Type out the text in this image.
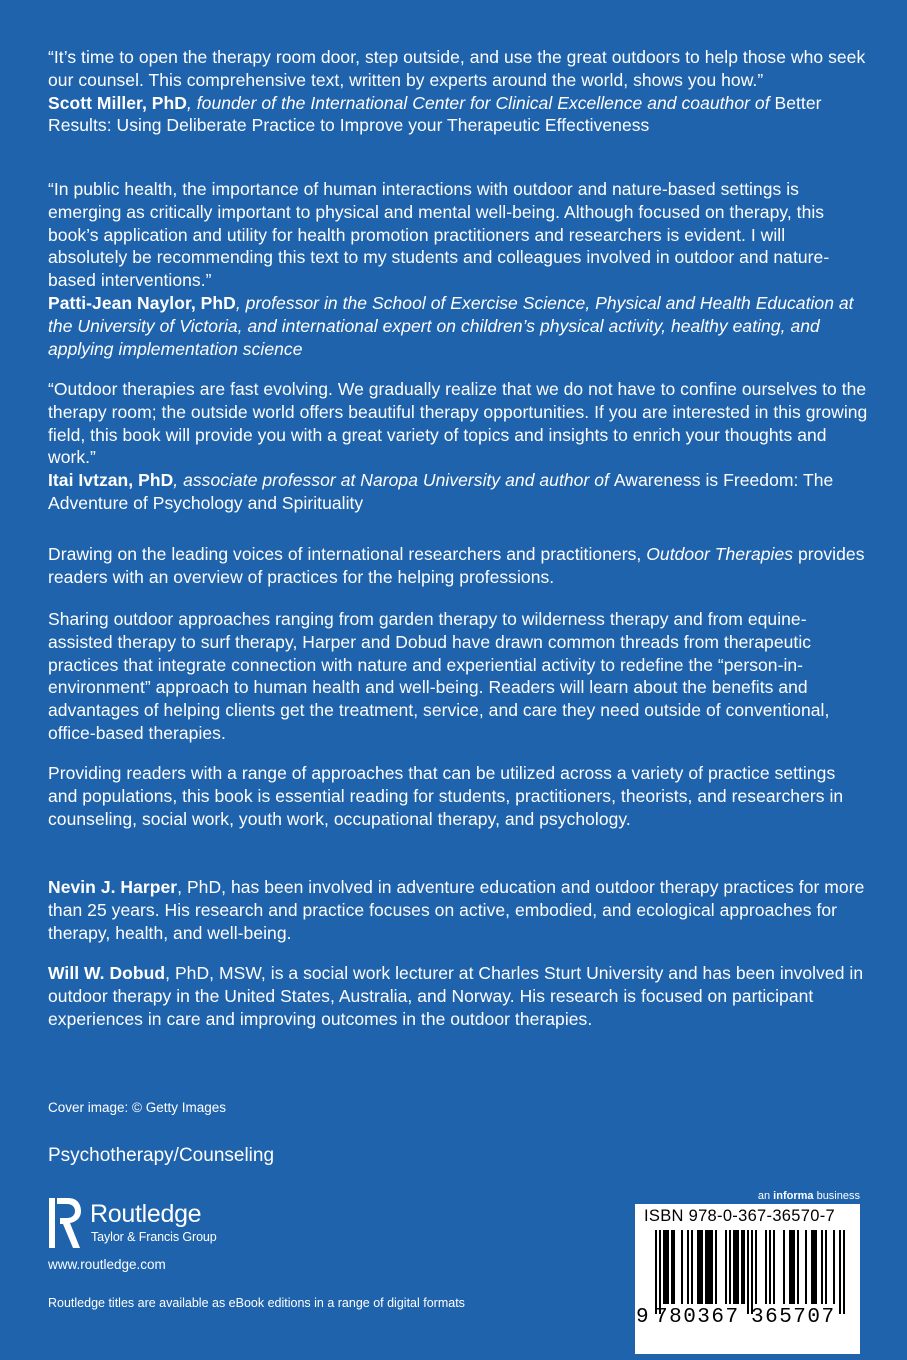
“It’s time to open the therapy room door, step outside, and use the great outdoors to help those who seek our counsel. This comprehensive text, written by experts around the world, shows you how.”
Scott Miller, PhD, founder of the International Center for Clinical Excellence and coauthor of Better Results: Using Deliberate Practice to Improve your Therapeutic Effectiveness

“In public health, the importance of human interactions with outdoor and nature-based settings is emerging as critically important to physical and mental well-being. Although focused on therapy, this book’s application and utility for health promotion practitioners and researchers is evident. I will absolutely be recommending this text to my students and colleagues involved in outdoor and nature-based interventions.”
Patti-Jean Naylor, PhD, professor in the School of Exercise Science, Physical and Health Education at the University of Victoria, and international expert on children’s physical activity, healthy eating, and applying implementation science

“Outdoor therapies are fast evolving. We gradually realize that we do not have to confine ourselves to the therapy room; the outside world offers beautiful therapy opportunities. If you are interested in this growing field, this book will provide you with a great variety of topics and insights to enrich your thoughts and work.”
Itai Ivtzan, PhD, associate professor at Naropa University and author of Awareness is Freedom: The Adventure of Psychology and Spirituality

Drawing on the leading voices of international researchers and practitioners, Outdoor Therapies provides readers with an overview of practices for the helping professions.

Sharing outdoor approaches ranging from garden therapy to wilderness therapy and from equine-assisted therapy to surf therapy, Harper and Dobud have drawn common threads from therapeutic practices that integrate connection with nature and experiential activity to redefine the “person-in-environment” approach to human health and well-being. Readers will learn about the benefits and advantages of helping clients get the treatment, service, and care they need outside of conventional, office-based therapies.

Providing readers with a range of approaches that can be utilized across a variety of practice settings and populations, this book is essential reading for students, practitioners, theorists, and researchers in counseling, social work, youth work, occupational therapy, and psychology.

Nevin J. Harper, PhD, has been involved in adventure education and outdoor therapy practices for more than 25 years. His research and practice focuses on active, embodied, and ecological approaches for therapy, health, and well-being.

Will W. Dobud, PhD, MSW, is a social work lecturer at Charles Sturt University and has been involved in outdoor therapy in the United States, Australia, and Norway. His research is focused on participant experiences in care and improving outcomes in the outdoor therapies.

Cover image: © Getty Images
Psychotherapy/Counseling
Routledge
Taylor & Francis Group
www.routledge.com
Routledge titles are available as eBook editions in a range of digital formats
an informa business
ISBN 978-0-367-36570-7
9 780367 365707
